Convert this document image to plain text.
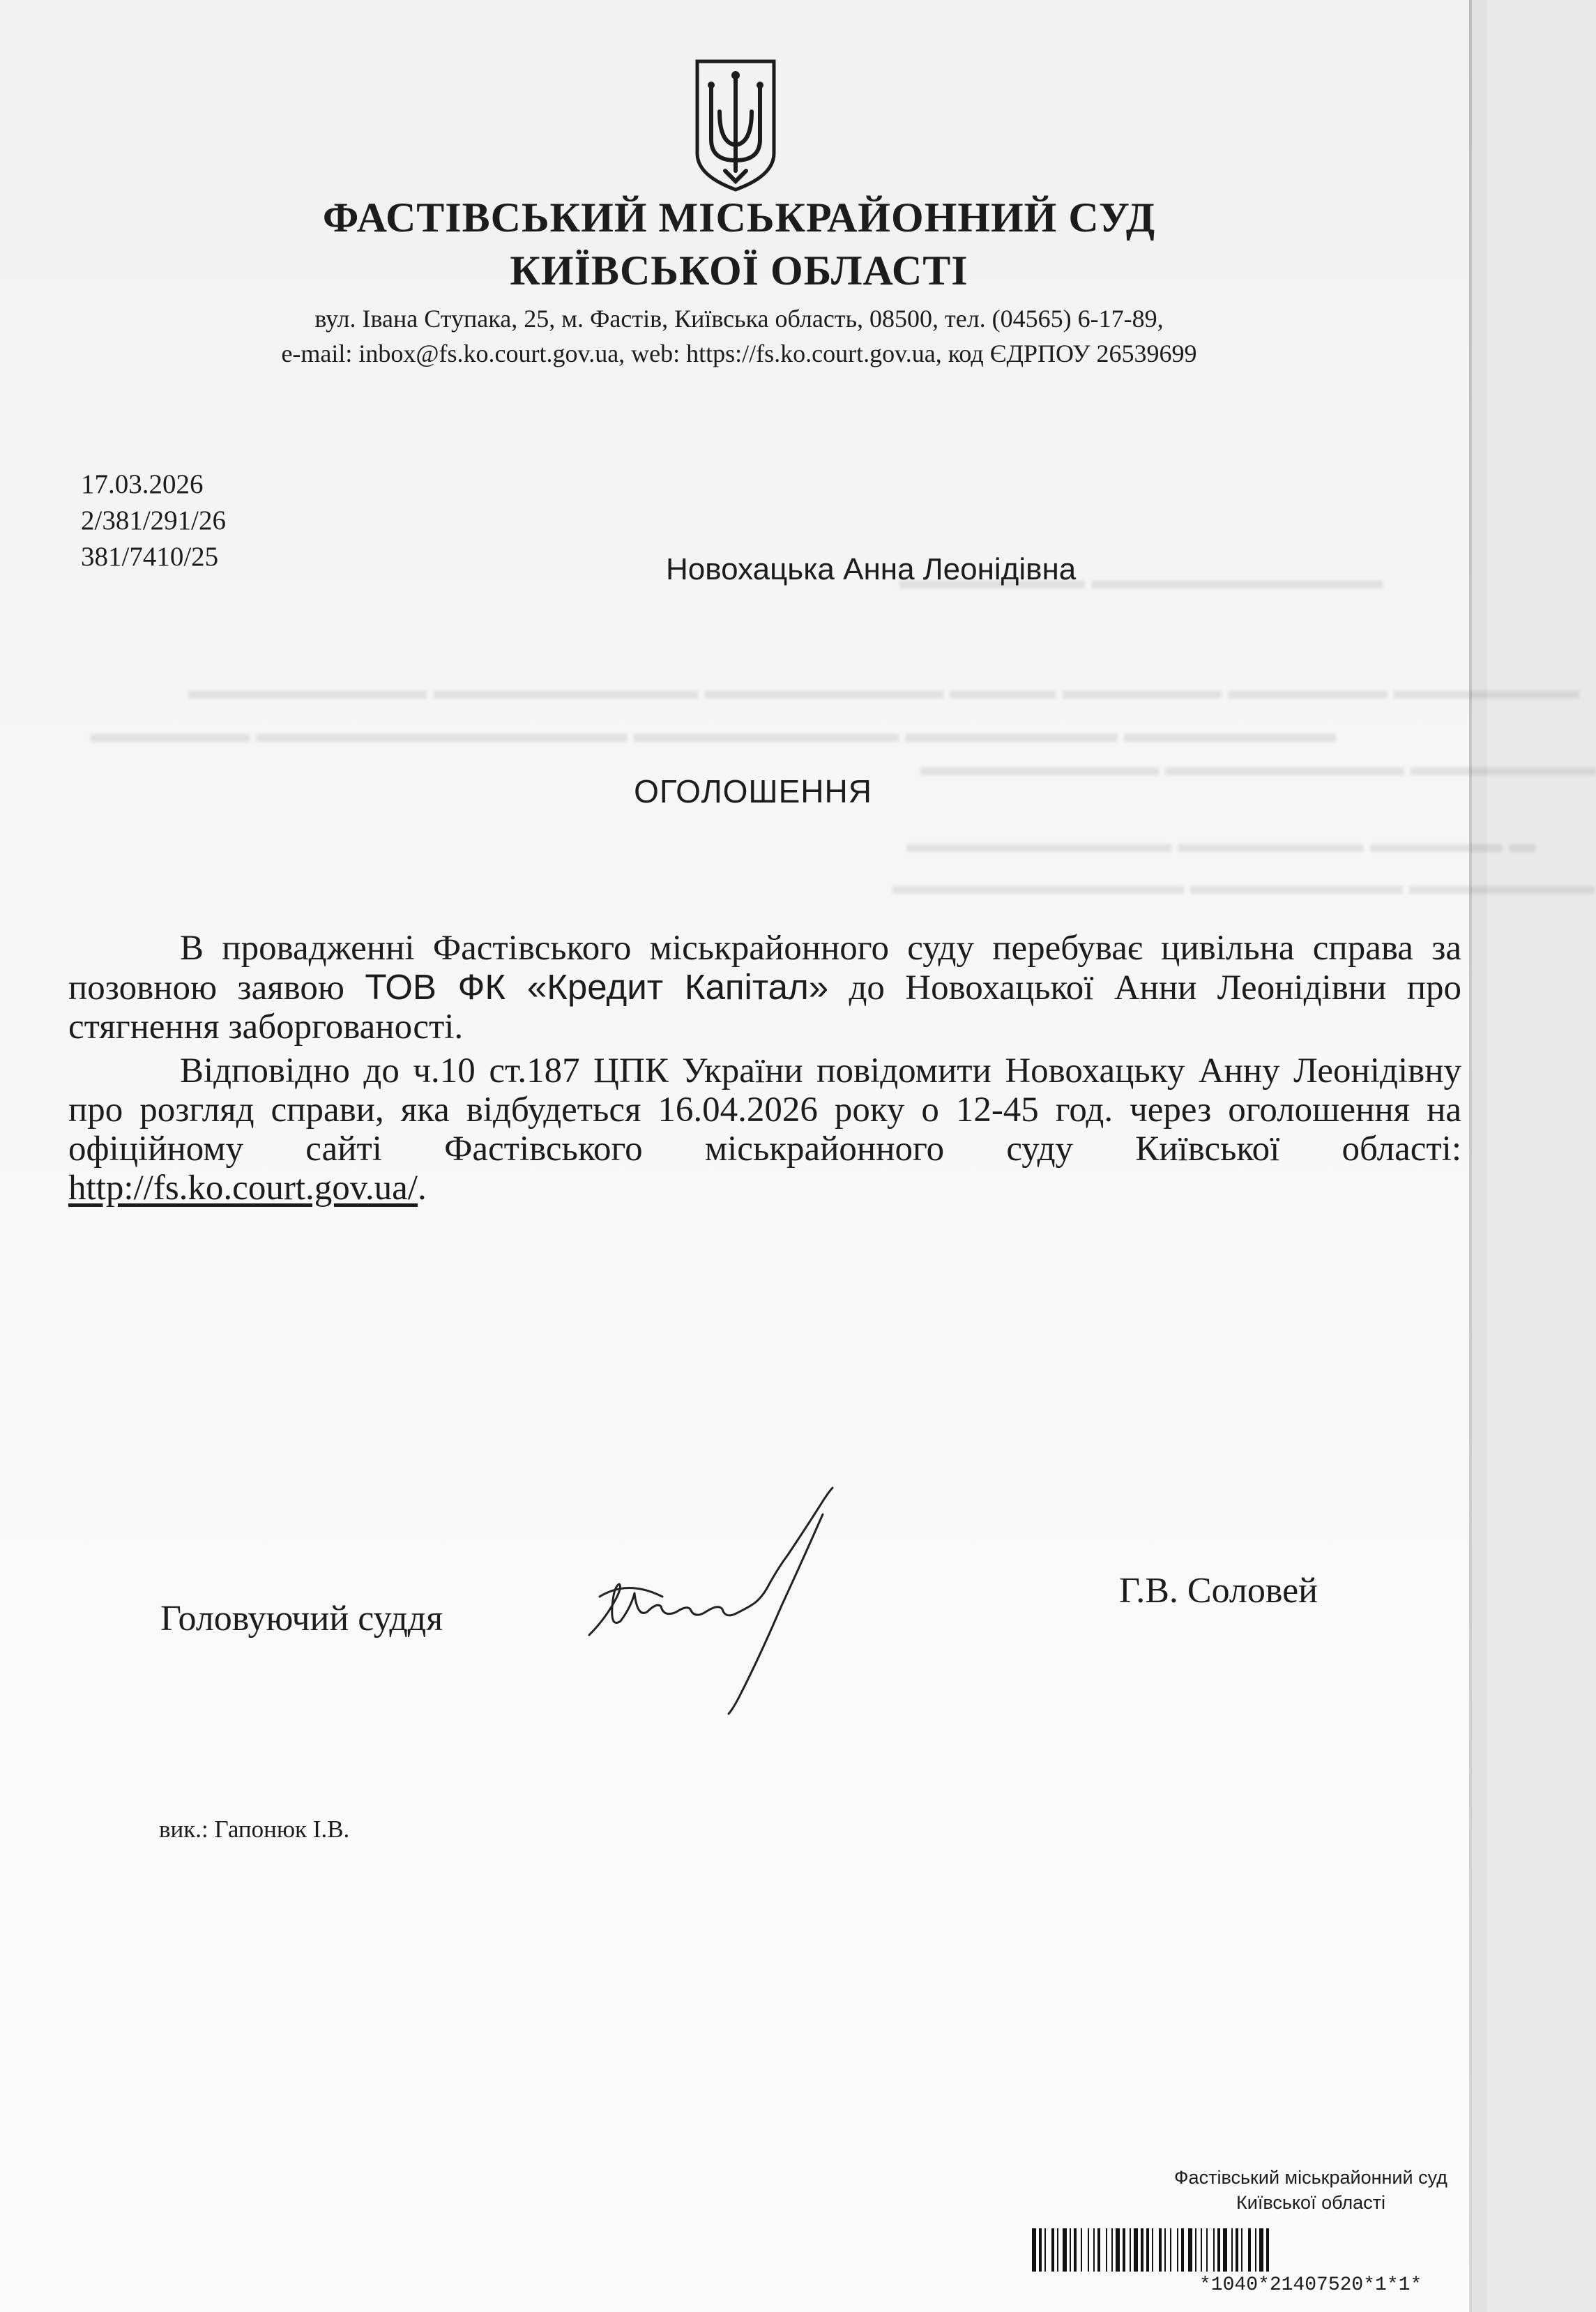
▬▬▬▬▬▬▬ ▬▬▬▬▬▬▬▬▬▬▬
▬▬▬▬▬▬▬▬▬ ▬▬▬▬▬▬▬▬▬▬ ▬▬▬▬▬▬▬▬▬ ▬▬▬▬ ▬▬▬▬▬▬ ▬▬▬▬▬▬ ▬▬▬▬▬▬▬
▬▬▬▬▬▬ ▬▬▬▬▬▬▬▬▬▬▬▬▬▬ ▬▬▬▬▬▬▬▬▬▬ ▬▬▬▬▬▬▬▬ ▬▬▬▬▬▬▬▬
▬▬▬▬▬▬▬▬▬ ▬▬▬▬▬▬▬▬▬ ▬▬▬▬▬▬▬
▬▬▬▬▬▬▬▬▬▬ ▬▬▬▬▬▬▬ ▬▬▬▬▬ ▬
▬▬▬▬▬▬▬▬▬▬▬ ▬▬▬▬▬▬▬▬ ▬▬▬▬▬▬▬
ФАСТІВСЬКИЙ МІСЬКРАЙОННИЙ СУД
КИЇВСЬКОЇ ОБЛАСТІ
вул. Івана Ступака, 25, м. Фастів, Київська область, 08500, тел. (04565) 6-17-89,
e-mail: inbox@fs.ko.court.gov.ua, web: https://fs.ko.court.gov.ua, код ЄДРПОУ 26539699
17.03.2026
2/381/291/26
381/7410/25	Новохацька Анна Леонідівна
ОГОЛОШЕННЯ

В провадженні Фастівського міськрайонного суду перебуває цивільна справа за позовною заявою ТОВ ФК «Кредит Капітал» до Новохацької Анни Леонідівни про стягнення заборгованості.

Відповідно до ч.10 ст.187 ЦПК України повідомити Новохацьку Анну Леонідівну про розгляд справи, яка відбудеться 16.04.2026 року о 12-45 год. через оголошення на офіційному сайті Фастівського міськрайонного суду Київської області: http://fs.ko.court.gov.ua/.

Головуючий суддя
Г.В. Соловей
вик.: Гапонюк І.В.
Фастівський міськрайонний суд
Київської області
*1040*21407520*1*1*
